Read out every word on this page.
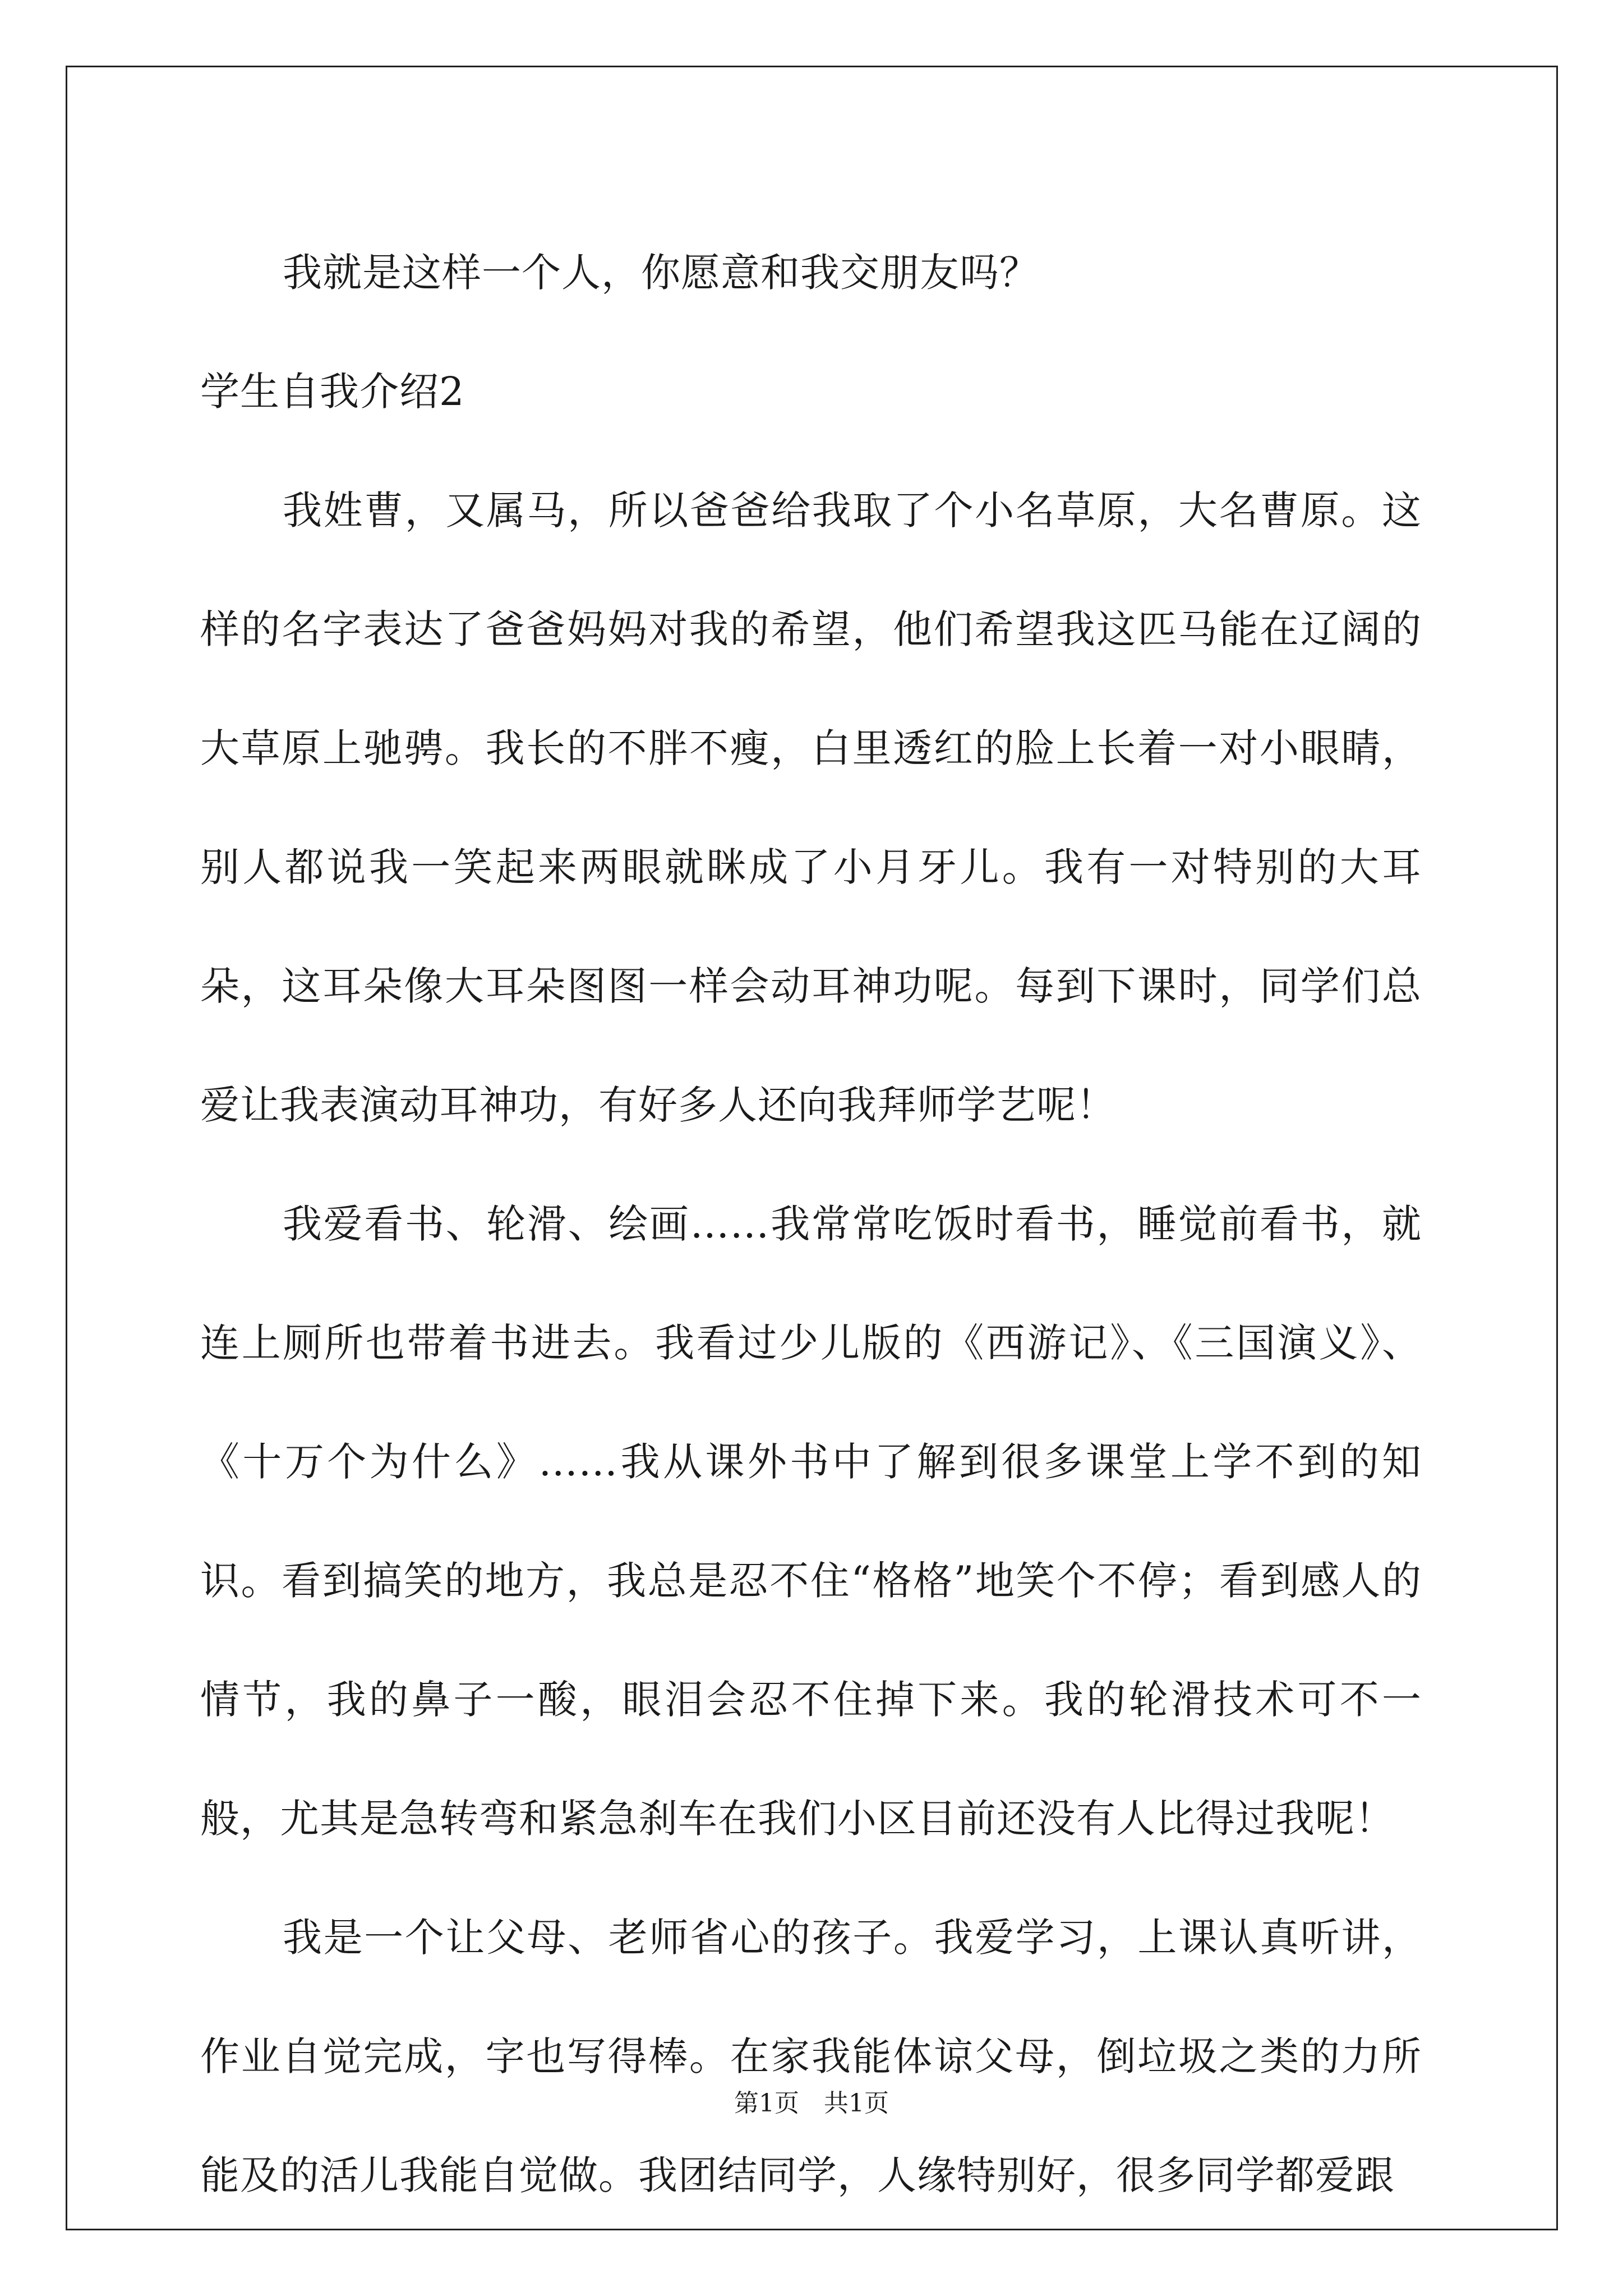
我就是这样一个人，你愿意和我交朋友吗？

学生自我介绍2

我姓曹，又属马，所以爸爸给我取了个小名草原，大名曹原。这样的名字表达了爸爸妈妈对我的希望，他们希望我这匹马能在辽阔的大草原上驰骋。我长的不胖不瘦，白里透红的脸上长着一对小眼睛，别人都说我一笑起来两眼就眯成了小月牙儿。我有一对特别的大耳朵，这耳朵像大耳朵图图一样会动耳神功呢。每到下课时，同学们总爱让我表演动耳神功，有好多人还向我拜师学艺呢！

我爱看书、轮滑、绘画……我常常吃饭时看书，睡觉前看书，就连上厕所也带着书进去。我看过少儿版的《西游记》、《三国演义》、《十万个为什么》……我从课外书中了解到很多课堂上学不到的知识。看到搞笑的地方，我总是忍不住“格格”地笑个不停；看到感人的情节，我的鼻子一酸，眼泪会忍不住掉下来。我的轮滑技术可不一般，尤其是急转弯和紧急刹车在我们小区目前还没有人比得过我呢！

我是一个让父母、老师省心的孩子。我爱学习，上课认真听讲，作业自觉完成，字也写得棒。在家我能体谅父母，倒垃圾之类的力所能及的活儿我能自觉做。我团结同学，人缘特别好，很多同学都爱跟

第1页　共1页
